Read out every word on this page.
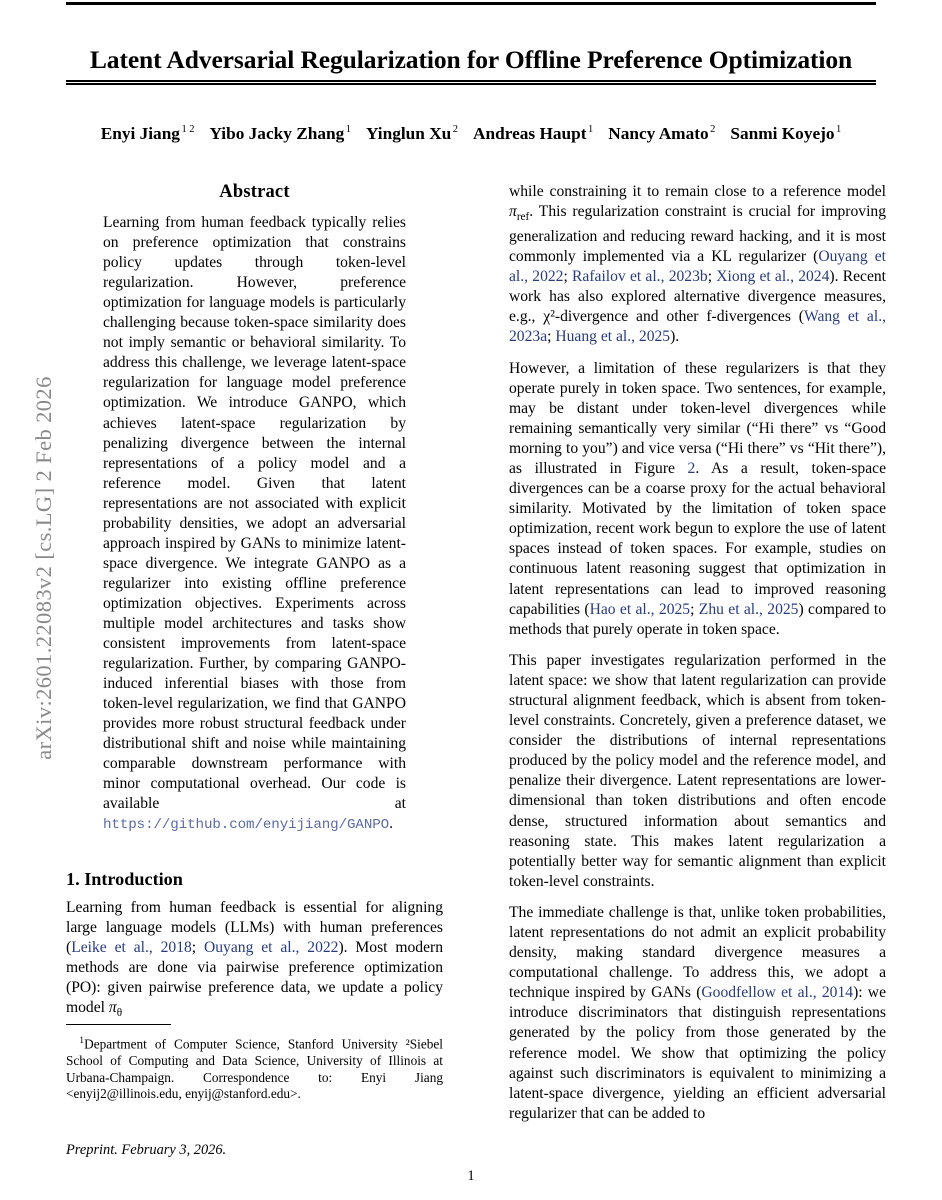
arXiv:2601.22083v2 [cs.LG] 2 Feb 2026
Latent Adversarial Regularization for Offline Preference Optimization
Enyi Jiang $^{1 2}$ Yibo Jacky Zhang $^1$ Yinglun Xu $^2$ Andreas Haupt $^1$ Nancy Amato $^2$ Sanmi Koyejo $^1$
Abstract

Learning from human feedback typically relies on preference optimization that constrains policy updates through token-level regularization. However, preference optimization for language models is particularly challenging because token-space similarity does not imply semantic or behavioral similarity. To address this challenge, we leverage latent-space regularization for language model preference optimization. We introduce GANPO, which achieves latent-space regularization by penalizing divergence between the internal representations of a policy model and a reference model. Given that latent representations are not associated with explicit probability densities, we adopt an adversarial approach inspired by GANs to minimize latent-space divergence. We integrate GANPO as a regularizer into existing offline preference optimization objectives. Experiments across multiple model architectures and tasks show consistent improvements from latent-space regularization. Further, by comparing GANPO-induced inferential biases with those from token-level regularization, we find that GANPO provides more robust structural feedback under distributional shift and noise while maintaining comparable downstream performance with minor computational overhead. Our code is available at https://github.com/enyijiang/GANPO.

1. Introduction

Learning from human feedback is essential for aligning large language models (LLMs) with human preferences (Leike et al., 2018; Ouyang et al., 2022). Most modern methods are done via pairwise preference optimization (PO): given pairwise preference data, we update a policy model $\pi_\theta$

 $^1$Department of Computer Science, Stanford University ²Siebel School of Computing and Data Science, University of Illinois at Urbana-Champaign. Correspondence to: Enyi Jiang <enyij2@illinois.edu, enyij@stanford.edu>.

Preprint. February 3, 2026.

while constraining it to remain close to a reference model $\pi_{ref}$. This regularization constraint is crucial for improving generalization and reducing reward hacking, and it is most commonly implemented via a KL regularizer (Ouyang et al., 2022; Rafailov et al., 2023b; Xiong et al., 2024). Recent work has also explored alternative divergence measures, e.g., χ²-divergence and other f-divergences (Wang et al., 2023a; Huang et al., 2025).

However, a limitation of these regularizers is that they operate purely in token space. Two sentences, for example, may be distant under token-level divergences while remaining semantically very similar (“Hi there” vs “Good morning to you”) and vice versa (“Hi there” vs “Hit there”), as illustrated in Figure 2. As a result, token-space divergences can be a coarse proxy for the actual behavioral similarity. Motivated by the limitation of token space optimization, recent work begun to explore the use of latent spaces instead of token spaces. For example, studies on continuous latent reasoning suggest that optimization in latent representations can lead to improved reasoning capabilities (Hao et al., 2025; Zhu et al., 2025) compared to methods that purely operate in token space.

This paper investigates regularization performed in the latent space: we show that latent regularization can provide structural alignment feedback, which is absent from token-level constraints. Concretely, given a preference dataset, we consider the distributions of internal representations produced by the policy model and the reference model, and penalize their divergence. Latent representations are lower-dimensional than token distributions and often encode dense, structured information about semantics and reasoning state. This makes latent regularization a potentially better way for semantic alignment than explicit token-level constraints.

The immediate challenge is that, unlike token probabilities, latent representations do not admit an explicit probability density, making standard divergence measures a computational challenge. To address this, we adopt a technique inspired by GANs (Goodfellow et al., 2014): we introduce discriminators that distinguish representations generated by the policy from those generated by the reference model. We show that optimizing the policy against such discriminators is equivalent to minimizing a latent-space divergence, yielding an efficient adversarial regularizer that can be added to

1
